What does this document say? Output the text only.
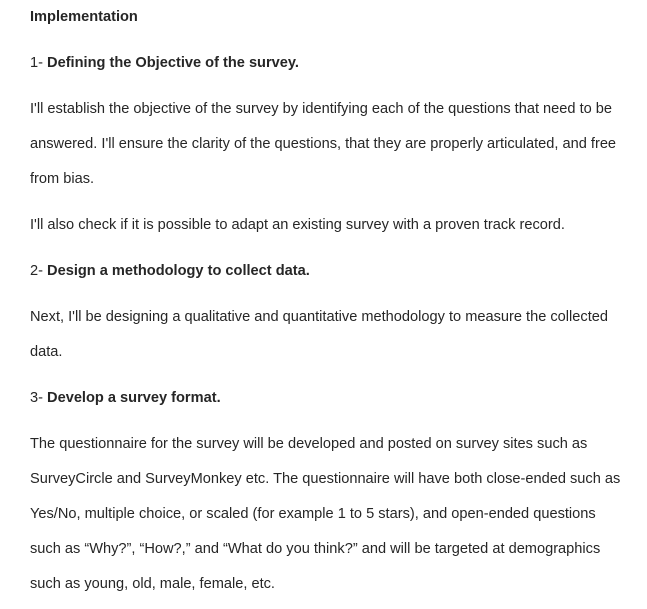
Implementation
1- Defining the Objective of the survey.
I'll establish the objective of the survey by identifying each of the questions that need to be
answered. I'll ensure the clarity of the questions, that they are properly articulated, and free
from bias.
I'll also check if it is possible to adapt an existing survey with a proven track record.
2- Design a methodology to collect data.
Next, I'll be designing a qualitative and quantitative methodology to measure the collected
data.
3- Develop a survey format.
The questionnaire for the survey will be developed and posted on survey sites such as
SurveyCircle and SurveyMonkey etc. The questionnaire will have both close-ended such as
Yes/No, multiple choice, or scaled (for example 1 to 5 stars), and open-ended questions
such as “Why?”, “How?,” and “What do you think?” and will be targeted at demographics
such as young, old, male, female, etc.
